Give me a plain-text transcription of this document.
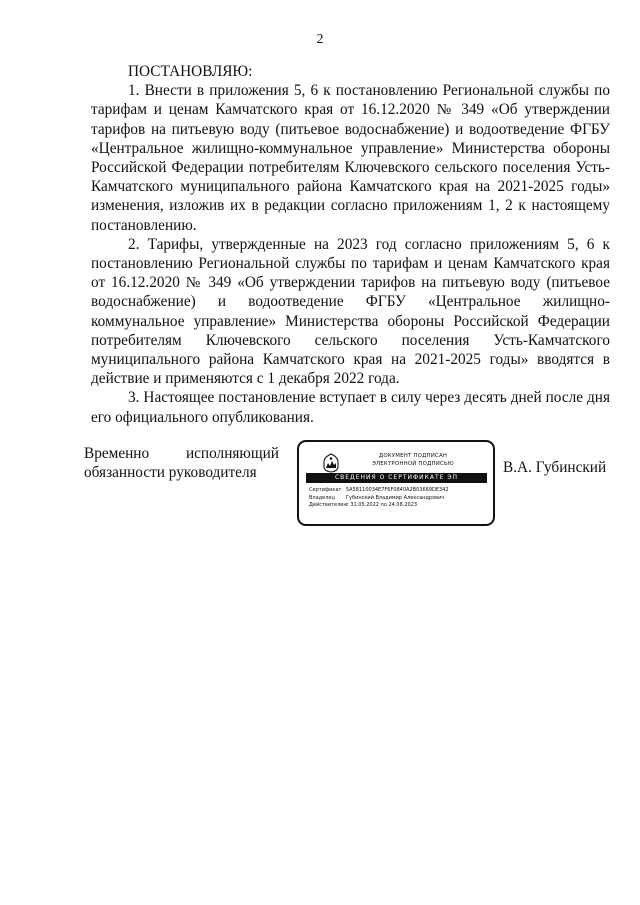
2

ПОСТАНОВЛЯЮ:

1. Внести в приложения 5, 6 к постановлению Региональной службы по тарифам и ценам Камчатского края от 16.12.2020 № 349 «Об утверждении тарифов на питьевую воду (питьевое водоснабжение) и водоотведение ФГБУ «Центральное жилищно-коммунальное управление» Министерства обороны Российской Федерации потребителям Ключевского сельского поселения Усть-Камчатского муниципального района Камчатского края на 2021-2025 годы» изменения, изложив их в редакции согласно приложениям 1, 2 к настоящему постановлению.

2. Тарифы, утвержденные на 2023 год согласно приложениям 5, 6 к постановлению Региональной службы по тарифам и ценам Камчатского края от 16.12.2020 № 349 «Об утверждении тарифов на питьевую воду (питьевое водоснабжение) и водоотведение ФГБУ «Центральное жилищно-коммунальное управление» Министерства обороны Российской Федерации потребителям Ключевского сельского поселения Усть-Камчатского муниципального района Камчатского края на 2021-2025 годы» вводятся в действие и применяются с 1 декабря 2022 года.

3. Настоящее постановление вступает в силу через десять дней после дня его официального опубликования.

Временно исполняющий
обязанности руководителя
ДОКУМЕНТ ПОДПИСАН
ЭЛЕКТРОННОЙ ПОДПИСЬЮ
СВЕДЕНИЯ О СЕРТИФИКАТЕ ЭП
Сертификат 5A58110034E7F6F0840A2B03669DE342
Владелец	Губинский Владимир Александрович
Действителен с 31.05.2022 по 24.08.2023
В.А. Губинский
